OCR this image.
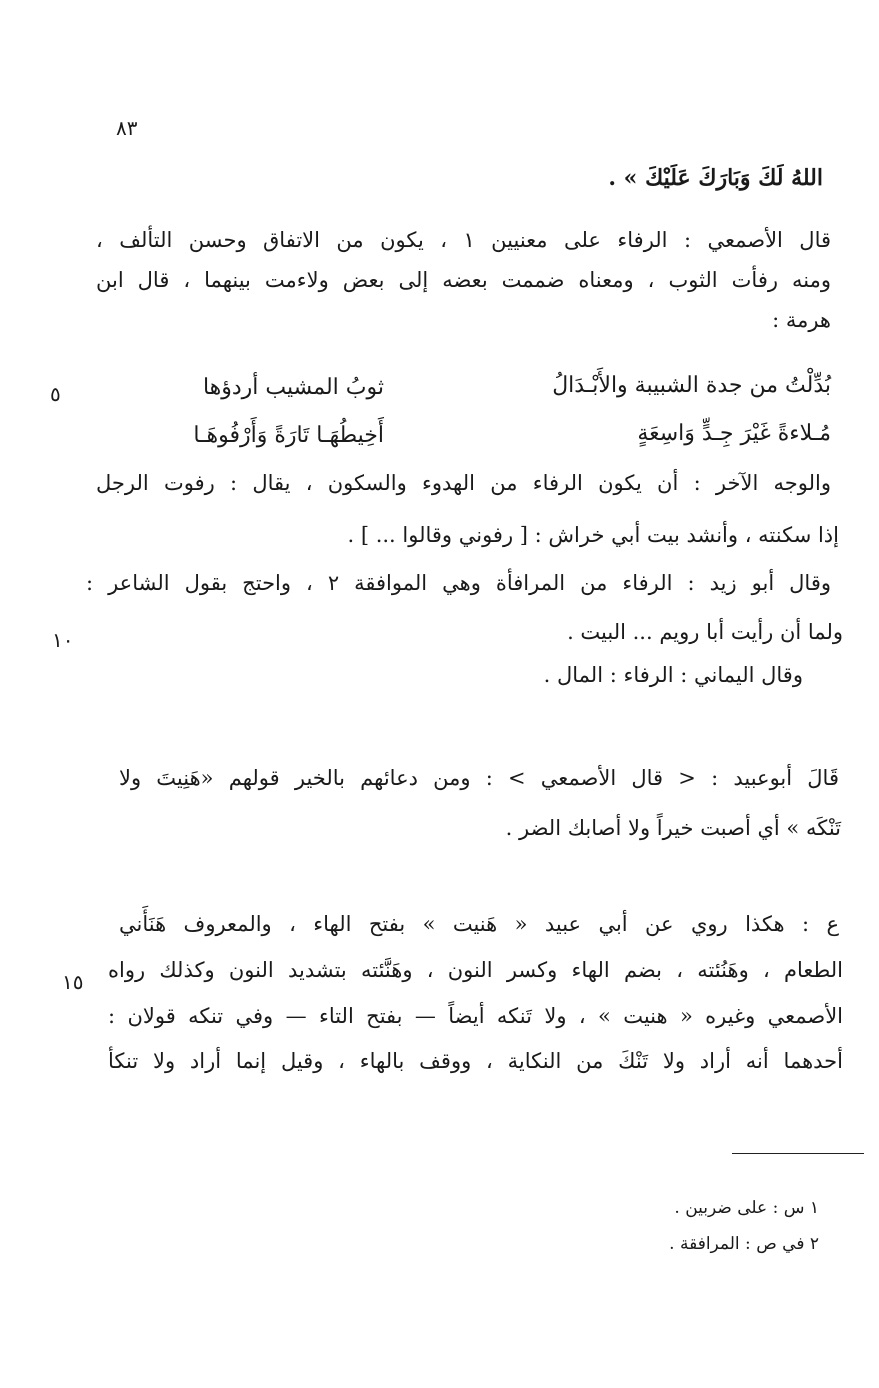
٨٣
اللهُ لَكَ وَبَارَكَ عَلَيْكَ » .
قال الأصمعي : الرفاء على معنيين ١ ، يكون من الاتفاق وحسن التألف ،
ومنه رفأت الثوب ، ومعناه ضممت بعضه إلى بعض ولاءمت بينهما ، قال ابن
هرمة :
٥	بُدِّلْتُ من جدة الشبيبة والأَبْـدَالُ
ثوبُ المشيب أردؤها
مُـلاءةً غَيْرَ جِـدٍّ وَاسِعَةٍ
أَخِيطُهَـا تَارَةً وَأَرْفُوهَـا
والوجه الآخر : أن يكون الرفاء من الهدوء والسكون ، يقال : رفوت الرجل
إذا سكنته ، وأنشد بيت أبي خراش : [ رفوني وقالوا ... ] .
وقال أبو زيد : الرفاء من المرافأة وهي الموافقة ٢ ، واحتج بقول الشاعر :
١٠	ولما أن رأيت أبا رويم ... البيت .
وقال اليماني : الرفاء : المال .
قَالَ أبوعبيد : < قال الأصمعي > : ومن دعائهم بالخير قولهم «هَنِيتَ ولا
تَنْكَه » أي أصبت خيراً ولا أصابك الضر .
ع : هكذا روي عن أبي عبيد « هَنيت » بفتح الهاء ، والمعروف هَنَأَني
١٥ الطعام ، وهَنُئته ، بضم الهاء وكسر النون ، وهَنَّئته بتشديد النون وكذلك رواه
الأصمعي وغيره « هنيت » ، ولا تَنكه أيضاً — بفتح التاء — وفي تنكه قولان :
أحدهما أنه أراد ولا تَنْكَ من النكاية ، ووقف بالهاء ، وقيل إنما أراد ولا تنكأ
١ س : على ضربين .
٢ في ص : المرافقة .
